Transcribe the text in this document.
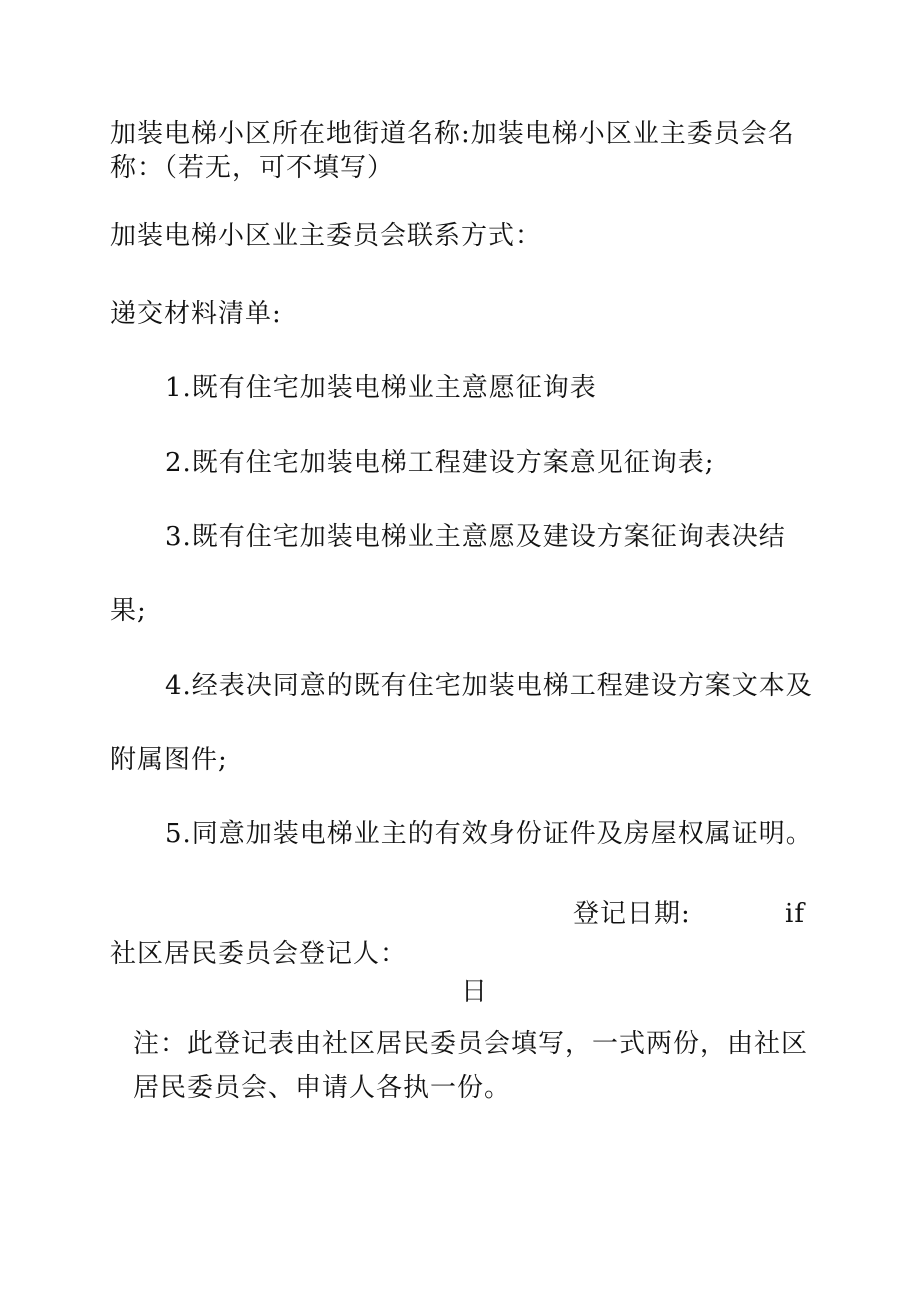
加装电梯小区所在地街道名称:加装电梯小区业主委员会名
称：（若无，可不填写）
加装电梯小区业主委员会联系方式：
递交材料清单:
1.既有住宅加装电梯业主意愿征询表
2.既有住宅加装电梯工程建设方案意见征询表;
3.既有住宅加装电梯业主意愿及建设方案征询表决结
果;
4.经表决同意的既有住宅加装电梯工程建设方案文本及
附属图件;
5.同意加装电梯业主的有效身份证件及房屋权属证明。
登记日期:	if
社区居民委员会登记人：
日
注：此登记表由社区居民委员会填写，一式两份，由社区
居民委员会、申请人各执一份。
